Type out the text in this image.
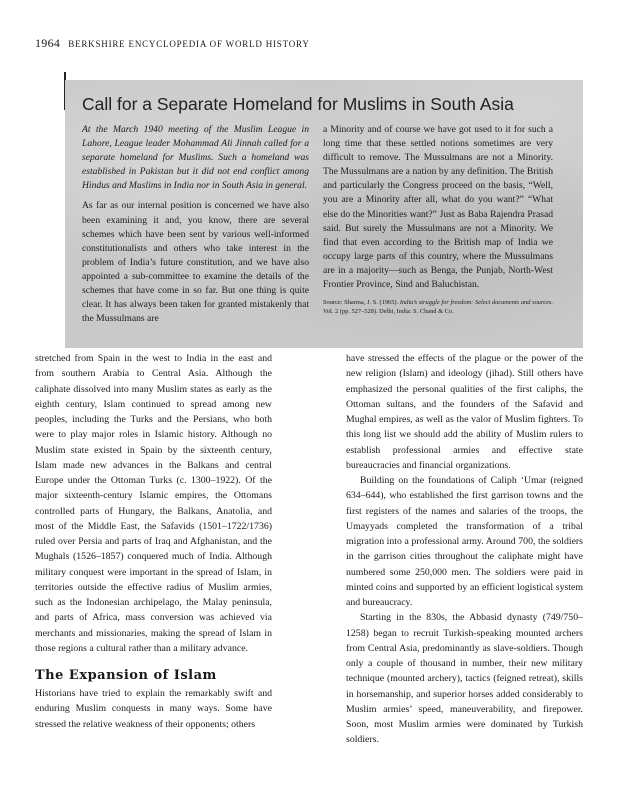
1964 BERKSHIRE ENCYCLOPEDIA OF WORLD HISTORY
Call for a Separate Homeland for Muslims in South Asia

At the March 1940 meeting of the Muslim League in Lahore, League leader Mohammad Ali Jinnah called for a separate homeland for Muslims. Such a homeland was established in Pakistan but it did not end conflict among Hindus and Muslims in India nor in South Asia in general.

As far as our internal position is concerned we have also been examining it and, you know, there are several schemes which have been sent by various well-informed constitutionalists and others who take interest in the problem of India’s future constitution, and we have also appointed a sub-committee to examine the details of the schemes that have come in so far. But one thing is quite clear. It has always been taken for granted mistakenly that the Mussulmans are

a Minority and of course we have got used to it for such a long time that these settled notions sometimes are very difficult to remove. The Mussulmans are not a Minority. The Mussulmans are a nation by any definition. The British and particularly the Congress proceed on the basis, “Well, you are a Minority after all, what do you want?” “What else do the Minorities want?” Just as Baba Rajendra Prasad said. But surely the Mussulmans are not a Minority. We find that even according to the British map of India we occupy large parts of this country, where the Mussulmans are in a majority—such as Benga, the Punjab, North-West Frontier Province, Sind and Baluchistan.

Source: Sharma, J. S. (1965). India’s struggle for freedom: Select documents and sources. Vol. 2 (pp. 527–528). Delhi, India: S. Chand & Co.

stretched from Spain in the west to India in the east and from southern Arabia to Central Asia. Although the caliphate dissolved into many Muslim states as early as the eighth century, Islam continued to spread among new peoples, including the Turks and the Persians, who both were to play major roles in Islamic history. Although no Muslim state existed in Spain by the sixteenth century, Islam made new advances in the Balkans and central Europe under the Ottoman Turks (c. 1300–1922). Of the major sixteenth-century Islamic empires, the Ottomans controlled parts of Hungary, the Balkans, Anatolia, and most of the Middle East, the Safavids (1501–1722/1736) ruled over Persia and parts of Iraq and Afghanistan, and the Mughals (1526–1857) conquered much of India. Although military conquest were important in the spread of Islam, in territories outside the effective radius of Muslim armies, such as the Indonesian archipelago, the Malay peninsula, and parts of Africa, mass conversion was achieved via merchants and missionaries, making the spread of Islam in those regions a cultural rather than a military advance.

The Expansion of Islam

Historians have tried to explain the remarkably swift and enduring Muslim conquests in many ways. Some have stressed the relative weakness of their opponents; others

have stressed the effects of the plague or the power of the new religion (Islam) and ideology (jihad). Still others have emphasized the personal qualities of the first caliphs, the Ottoman sultans, and the founders of the Safavid and Mughal empires, as well as the valor of Muslim fighters. To this long list we should add the ability of Muslim rulers to establish professional armies and effective state bureaucracies and financial organizations.

Building on the foundations of Caliph ‘Umar (reigned 634–644), who established the first garrison towns and the first registers of the names and salaries of the troops, the Umayyads completed the transformation of a tribal migration into a professional army. Around 700, the soldiers in the garrison cities throughout the caliphate might have numbered some 250,000 men. The soldiers were paid in minted coins and supported by an efficient logistical system and bureaucracy.

Starting in the 830s, the Abbasid dynasty (749/750–1258) began to recruit Turkish-speaking mounted archers from Central Asia, predominantly as slave-soldiers. Though only a couple of thousand in number, their new military technique (mounted archery), tactics (feigned retreat), skills in horsemanship, and superior horses added considerably to Muslim armies’ speed, maneuverability, and firepower. Soon, most Muslim armies were dominated by Turkish soldiers.
